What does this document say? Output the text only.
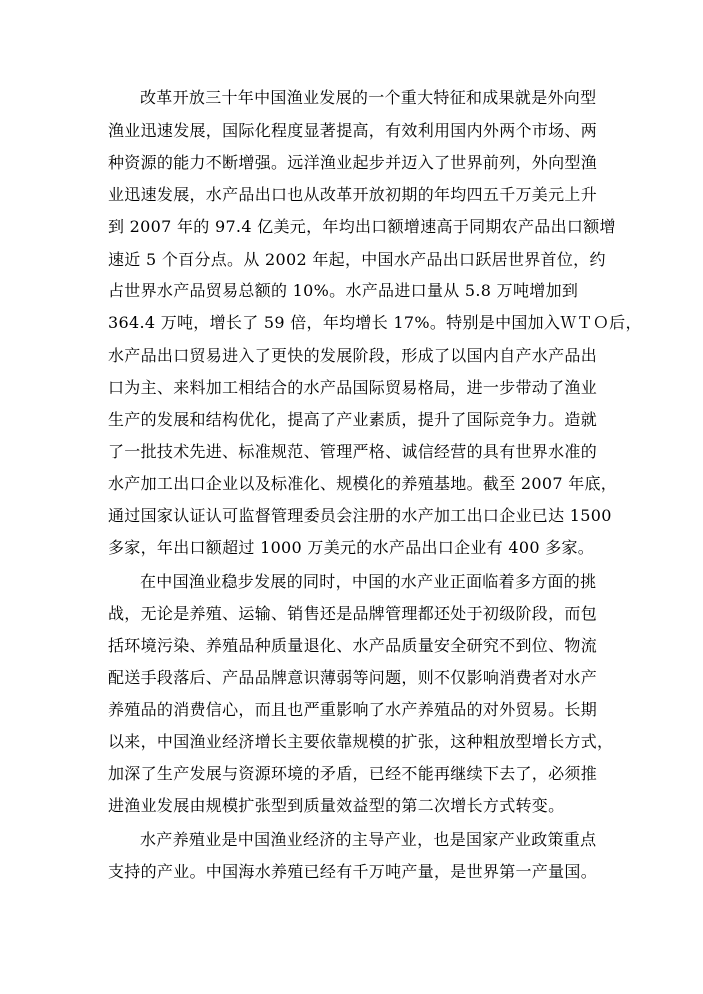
改革开放三十年中国渔业发展的一个重大特征和成果就是外向型
渔业迅速发展，国际化程度显著提高，有效利用国内外两个市场、两
种资源的能力不断增强。远洋渔业起步并迈入了世界前列，外向型渔
业迅速发展，水产品出口也从改革开放初期的年均四五千万美元上升
到 2007 年的 97.4 亿美元，年均出口额增速高于同期农产品出口额增
速近 5 个百分点。从 2002 年起，中国水产品出口跃居世界首位，约
占世界水产品贸易总额的 10%。水产品进口量从 5.8 万吨增加到
364.4 万吨，增长了 59 倍，年均增长 17%。特别是中国加入ＷＴＯ后，
水产品出口贸易进入了更快的发展阶段，形成了以国内自产水产品出
口为主、来料加工相结合的水产品国际贸易格局，进一步带动了渔业
生产的发展和结构优化，提高了产业素质，提升了国际竞争力。造就
了一批技术先进、标准规范、管理严格、诚信经营的具有世界水准的
水产加工出口企业以及标准化、规模化的养殖基地。截至 2007 年底，
通过国家认证认可监督管理委员会注册的水产加工出口企业已达 1500
多家，年出口额超过 1000 万美元的水产品出口企业有 400 多家。
在中国渔业稳步发展的同时，中国的水产业正面临着多方面的挑
战，无论是养殖、运输、销售还是品牌管理都还处于初级阶段，而包
括环境污染、养殖品种质量退化、水产品质量安全研究不到位、物流
配送手段落后、产品品牌意识薄弱等问题，则不仅影响消费者对水产
养殖品的消费信心，而且也严重影响了水产养殖品的对外贸易。长期
以来，中国渔业经济增长主要依靠规模的扩张，这种粗放型增长方式，
加深了生产发展与资源环境的矛盾，已经不能再继续下去了，必须推
进渔业发展由规模扩张型到质量效益型的第二次增长方式转变。
水产养殖业是中国渔业经济的主导产业，也是国家产业政策重点
支持的产业。中国海水养殖已经有千万吨产量，是世界第一产量国。
